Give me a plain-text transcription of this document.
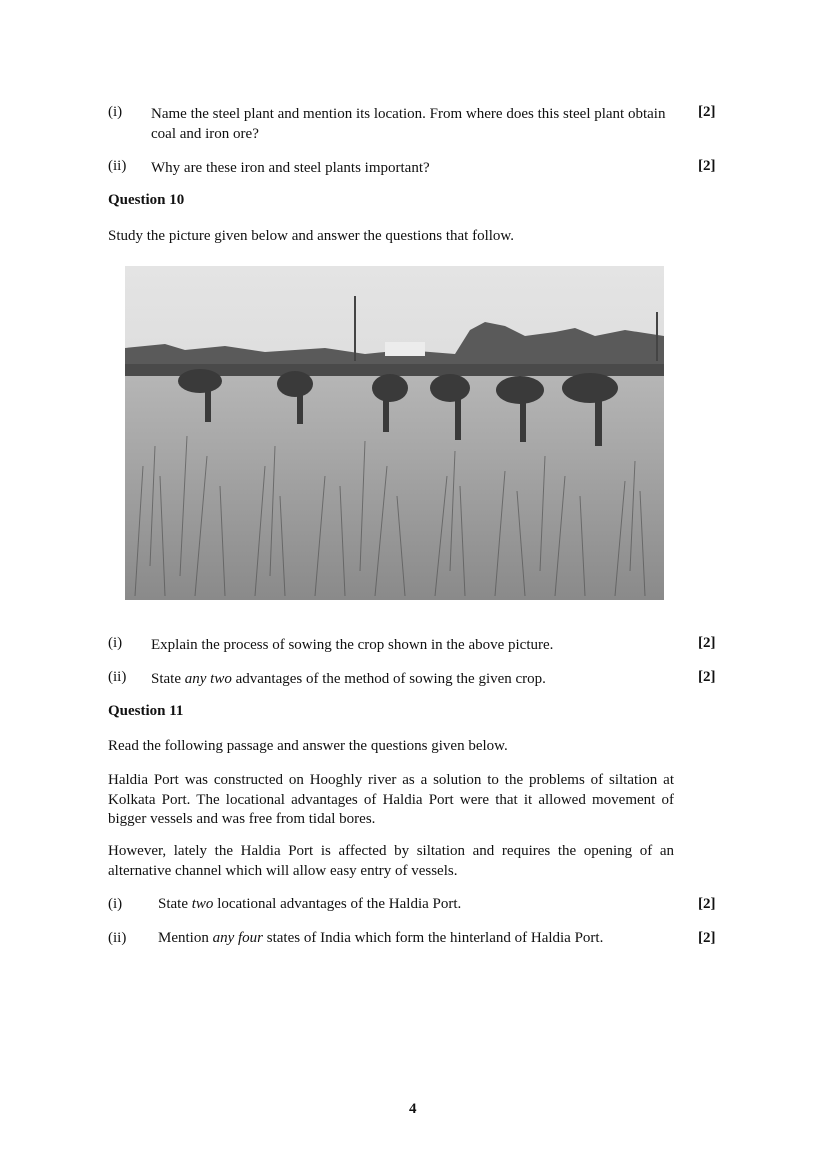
(i) Name the steel plant and mention its location. From where does this steel plant obtain coal and iron ore?
[2]
(ii) Why are these iron and steel plants important?	[2]
Question 10
Study the picture given below and answer the questions that follow.
(i) Explain the process of sowing the crop shown in the above picture.	[2]
(ii) State any two advantages of the method of sowing the given crop.	[2]
Question 11
Read the following passage and answer the questions given below.
Haldia Port was constructed on Hooghly river as a solution to the problems of siltation at Kolkata Port. The locational advantages of Haldia Port were that it allowed movement of bigger vessels and was free from tidal bores.
However, lately the Haldia Port is affected by siltation and requires the opening of an alternative channel which will allow easy entry of vessels.
(i) State two locational advantages of the Haldia Port.	[2]
(ii) Mention any four states of India which form the hinterland of Haldia Port.	[2]
4
